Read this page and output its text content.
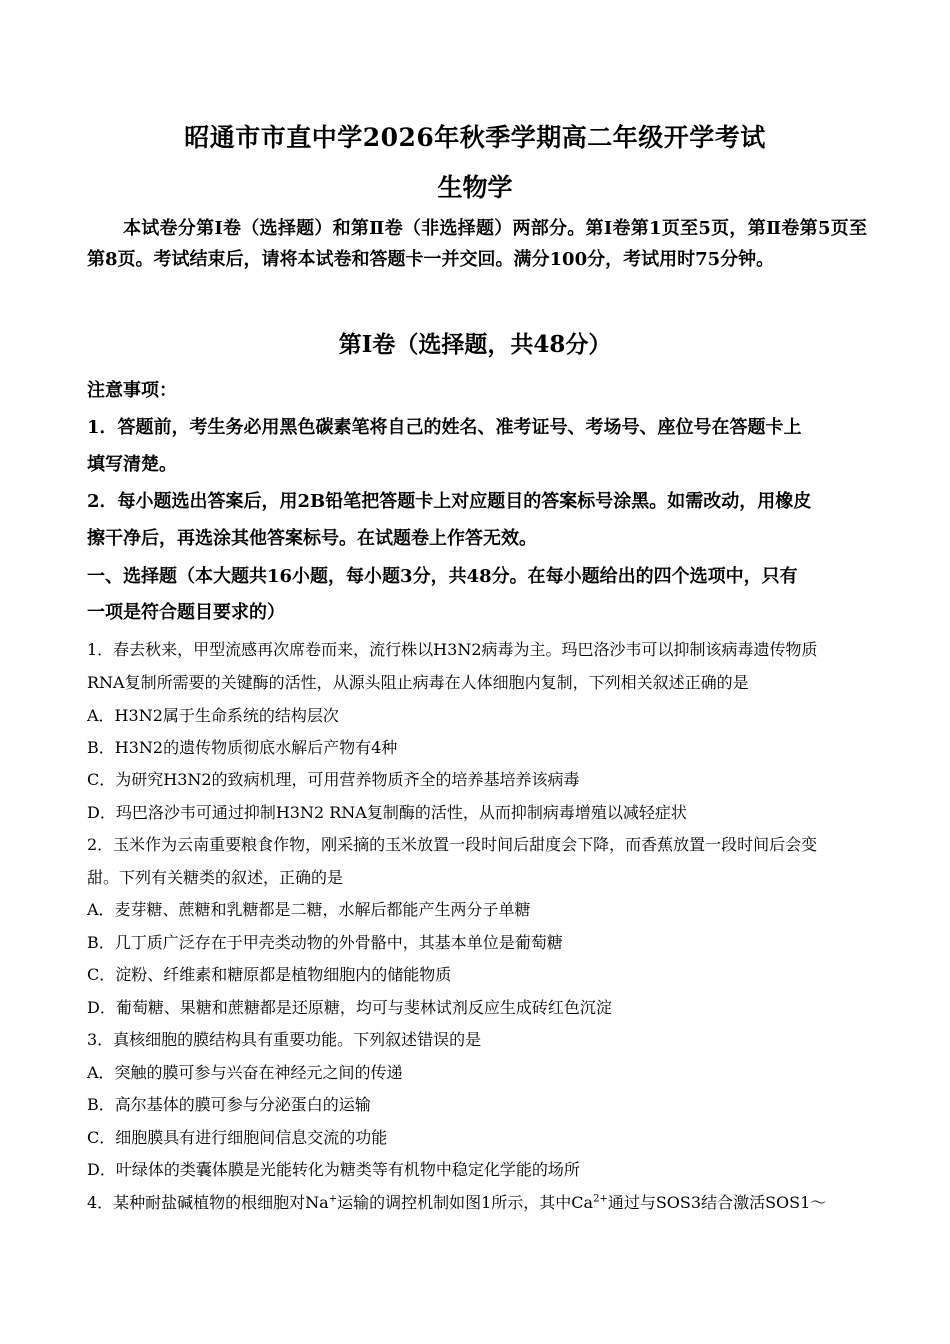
昭通市市直中学2026年秋季学期高二年级开学考试
生物学
本试卷分第Ⅰ卷（选择题）和第Ⅱ卷（非选择题）两部分。第Ⅰ卷第1页至5页，第Ⅱ卷第5页至第8页。考试结束后，请将本试卷和答题卡一并交回。满分100分，考试用时75分钟。
第Ⅰ卷（选择题，共48分）
注意事项：
1．答题前，考生务必用黑色碳素笔将自己的姓名、准考证号、考场号、座位号在答题卡上
填写清楚。
2．每小题选出答案后，用2B铅笔把答题卡上对应题目的答案标号涂黑。如需改动，用橡皮
擦干净后，再选涂其他答案标号。在试题卷上作答无效。
一、选择题（本大题共16小题，每小题3分，共48分。在每小题给出的四个选项中，只有
一项是符合题目要求的）
1．春去秋来，甲型流感再次席卷而来，流行株以H3N2病毒为主。玛巴洛沙韦可以抑制该病毒遗传物质
RNA复制所需要的关键酶的活性，从源头阻止病毒在人体细胞内复制，下列相关叙述正确的是
A．H3N2属于生命系统的结构层次
B．H3N2的遗传物质彻底水解后产物有4种
C．为研究H3N2的致病机理，可用营养物质齐全的培养基培养该病毒
D．玛巴洛沙韦可通过抑制H3N2 RNA复制酶的活性，从而抑制病毒增殖以减轻症状
2．玉米作为云南重要粮食作物，刚采摘的玉米放置一段时间后甜度会下降，而香蕉放置一段时间后会变
甜。下列有关糖类的叙述，正确的是
A．麦芽糖、蔗糖和乳糖都是二糖，水解后都能产生两分子单糖
B．几丁质广泛存在于甲壳类动物的外骨骼中，其基本单位是葡萄糖
C．淀粉、纤维素和糖原都是植物细胞内的储能物质
D．葡萄糖、果糖和蔗糖都是还原糖，均可与斐林试剂反应生成砖红色沉淀
3．真核细胞的膜结构具有重要功能。下列叙述错误的是
A．突触的膜可参与兴奋在神经元之间的传递
B．高尔基体的膜可参与分泌蛋白的运输
C．细胞膜具有进行细胞间信息交流的功能
D．叶绿体的类囊体膜是光能转化为糖类等有机物中稳定化学能的场所
4．某种耐盐碱植物的根细胞对Na+运输的调控机制如图1所示，其中$Ca^{2+}$通过与SOS3结合激活SOS1～
